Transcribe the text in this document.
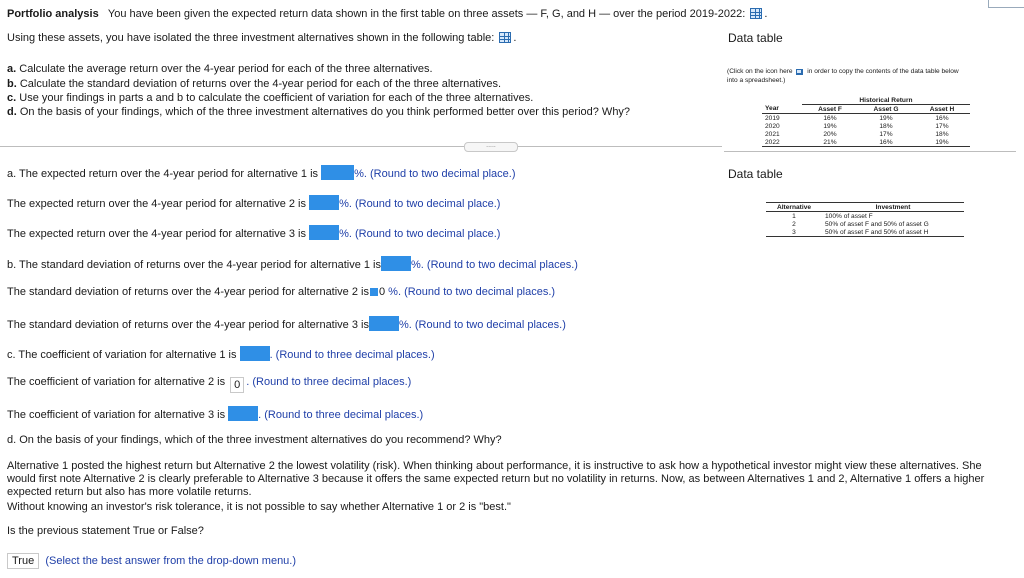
Portfolio analysis You have been given the expected return data shown in the first table on three assets — F, G, and H — over the period 2019-2022: .
Using these assets, you have isolated the three investment alternatives shown in the following table: .
a. Calculate the average return over the 4-year period for each of the three alternatives.
b. Calculate the standard deviation of returns over the 4-year period for each of the three alternatives.
c. Use your findings in parts a and b to calculate the coefficient of variation for each of the three alternatives.
d. On the basis of your findings, which of the three investment alternatives do you think performed better over this period? Why?
.....
a. The expected return over the 4-year period for alternative 1 is	%. (Round to two decimal place.)
The expected return over the 4-year period for alternative 2 is	%. (Round to two decimal place.)
The expected return over the 4-year period for alternative 3 is	%. (Round to two decimal place.)
b. The standard deviation of returns over the 4-year period for alternative 1 is	%. (Round to two decimal places.)
The standard deviation of returns over the 4-year period for alternative 2 is 0 %. (Round to two decimal places.)
The standard deviation of returns over the 4-year period for alternative 3 is	%. (Round to two decimal places.)
c. The coefficient of variation for alternative 1 is	. (Round to three decimal places.)
The coefficient of variation for alternative 2 is 0 . (Round to three decimal places.)
The coefficient of variation for alternative 3 is	. (Round to three decimal places.)
d. On the basis of your findings, which of the three investment alternatives do you recommend? Why?
Alternative 1 posted the highest return but Alternative 2 the lowest volatility (risk). When thinking about performance, it is instructive to ask how a hypothetical investor might view these alternatives. She
would first note Alternative 2 is clearly preferable to Alternative 3 because it offers the same expected return but no volatility in returns. Now, as between Alternatives 1 and 2, Alternative 1 offers a higher
expected return but also has more volatile returns.
Without knowing an investor's risk tolerance, it is not possible to say whether Alternative 1 or 2 is "best."
Is the previous statement True or False?
True (Select the best answer from the drop-down menu.)
Data table
(Click on the icon here in order to copy the contents of the data table below
into a spreadsheet.)
	Historical Return		
Year	Asset F	Asset G	Asset H
2019	16%	19%	16%
2020	19%	18%	17%
2021	20%	17%	18%
2022	21%	16%	19%
Data table
Alternative	Investment
1	100% of asset F
2	50% of asset F and 50% of asset G
3	50% of asset F and 50% of asset H
